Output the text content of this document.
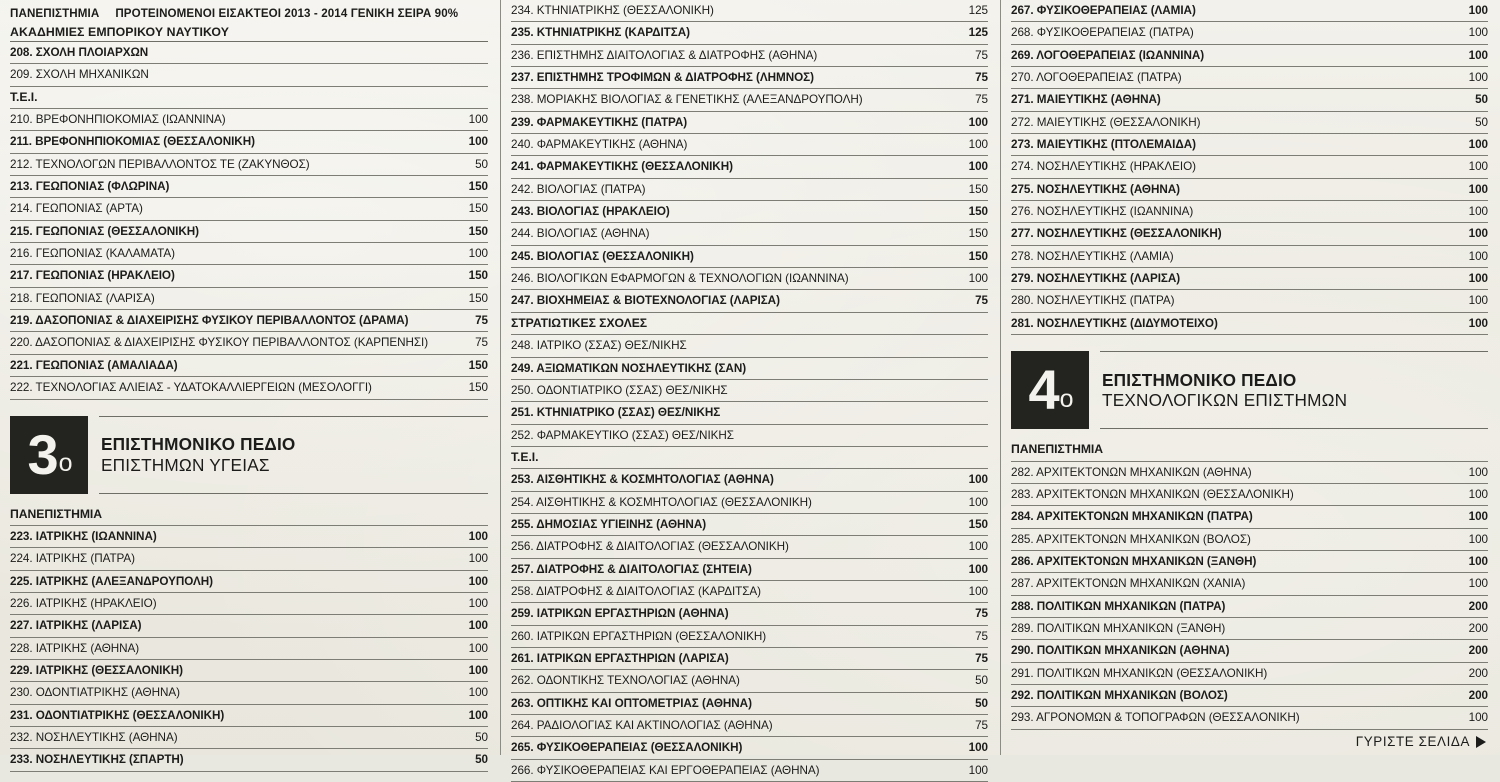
ΠΑΝΕΠΙΣΤΗΜΙΑ ΠΡΟΤΕΙΝΟΜΕΝΟΙ ΕΙΣΑΚΤΕΟΙ 2013 - 2014 ΓΕΝΙΚΗ ΣΕΙΡΑ 90%
ΑΚΑΔΗΜΙΕΣ ΕΜΠΟΡΙΚΟΥ ΝΑΥΤΙΚΟΥ
208. ΣΧΟΛΗ ΠΛΟΙΑΡΧΩΝ
209. ΣΧΟΛΗ ΜΗΧΑΝΙΚΩΝ
Τ.Ε.Ι.
210. ΒΡΕΦΟΝΗΠΙΟΚΟΜΙΑΣ (ΙΩΑΝΝΙΝΑ)	100
211. ΒΡΕΦΟΝΗΠΙΟΚΟΜΙΑΣ (ΘΕΣΣΑΛΟΝΙΚΗ)	100
212. ΤΕΧΝΟΛΟΓΩΝ ΠΕΡΙΒΑΛΛΟΝΤΟΣ ΤΕ (ΖΑΚΥΝΘΟΣ)	50
213. ΓΕΩΠΟΝΙΑΣ (ΦΛΩΡΙΝΑ)	150
214. ΓΕΩΠΟΝΙΑΣ (ΑΡΤΑ)	150
215. ΓΕΩΠΟΝΙΑΣ (ΘΕΣΣΑΛΟΝΙΚΗ)	150
216. ΓΕΩΠΟΝΙΑΣ (ΚΑΛΑΜΑΤΑ)	100
217. ΓΕΩΠΟΝΙΑΣ (ΗΡΑΚΛΕΙΟ)	150
218. ΓΕΩΠΟΝΙΑΣ (ΛΑΡΙΣΑ)	150
219. ΔΑΣΟΠΟΝΙΑΣ & ΔΙΑΧΕΙΡΙΣΗΣ ΦΥΣΙΚΟΥ ΠΕΡΙΒΑΛΛΟΝΤΟΣ (ΔΡΑΜΑ)	75
220. ΔΑΣΟΠΟΝΙΑΣ & ΔΙΑΧΕΙΡΙΣΗΣ ΦΥΣΙΚΟΥ ΠΕΡΙΒΑΛΛΟΝΤΟΣ (ΚΑΡΠΕΝΗΣΙ)	75
221. ΓΕΩΠΟΝΙΑΣ (ΑΜΑΛΙΑΔΑ)	150
222. ΤΕΧΝΟΛΟΓΙΑΣ ΑΛΙΕΙΑΣ - ΥΔΑΤΟΚΑΛΛΙΕΡΓΕΙΩΝ (ΜΕΣΟΛΟΓΓΙ)	150
3 o
ΕΠΙΣΤΗΜΟΝΙΚΟ ΠΕΔΙΟ
ΕΠΙΣΤΗΜΩΝ ΥΓΕΙΑΣ
ΠΑΝΕΠΙΣΤΗΜΙΑ
223. ΙΑΤΡΙΚΗΣ (ΙΩΑΝΝΙΝΑ)	100
224. ΙΑΤΡΙΚΗΣ (ΠΑΤΡΑ)	100
225. ΙΑΤΡΙΚΗΣ (ΑΛΕΞΑΝΔΡΟΥΠΟΛΗ)	100
226. ΙΑΤΡΙΚΗΣ (ΗΡΑΚΛΕΙΟ)	100
227. ΙΑΤΡΙΚΗΣ (ΛΑΡΙΣΑ)	100
228. ΙΑΤΡΙΚΗΣ (ΑΘΗΝΑ)	100
229. ΙΑΤΡΙΚΗΣ (ΘΕΣΣΑΛΟΝΙΚΗ)	100
230. ΟΔΟΝΤΙΑΤΡΙΚΗΣ (ΑΘΗΝΑ)	100
231. ΟΔΟΝΤΙΑΤΡΙΚΗΣ (ΘΕΣΣΑΛΟΝΙΚΗ)	100
232. ΝΟΣΗΛΕΥΤΙΚΗΣ (ΑΘΗΝΑ)	50
233. ΝΟΣΗΛΕΥΤΙΚΗΣ (ΣΠΑΡΤΗ)	50
234. ΚΤΗΝΙΑΤΡΙΚΗΣ (ΘΕΣΣΑΛΟΝΙΚΗ)	125
235. ΚΤΗΝΙΑΤΡΙΚΗΣ (ΚΑΡΔΙΤΣΑ)	125
236. ΕΠΙΣΤΗΜΗΣ ΔΙΑΙΤΟΛΟΓΙΑΣ & ΔΙΑΤΡΟΦΗΣ (ΑΘΗΝΑ)	75
237. ΕΠΙΣΤΗΜΗΣ ΤΡΟΦΙΜΩΝ & ΔΙΑΤΡΟΦΗΣ (ΛΗΜΝΟΣ)	75
238. ΜΟΡΙΑΚΗΣ ΒΙΟΛΟΓΙΑΣ & ΓΕΝΕΤΙΚΗΣ (ΑΛΕΞΑΝΔΡΟΥΠΟΛΗ)	75
239. ΦΑΡΜΑΚΕΥΤΙΚΗΣ (ΠΑΤΡΑ)	100
240. ΦΑΡΜΑΚΕΥΤΙΚΗΣ (ΑΘΗΝΑ)	100
241. ΦΑΡΜΑΚΕΥΤΙΚΗΣ (ΘΕΣΣΑΛΟΝΙΚΗ)	100
242. ΒΙΟΛΟΓΙΑΣ (ΠΑΤΡΑ)	150
243. ΒΙΟΛΟΓΙΑΣ (ΗΡΑΚΛΕΙΟ)	150
244. ΒΙΟΛΟΓΙΑΣ (ΑΘΗΝΑ)	150
245. ΒΙΟΛΟΓΙΑΣ (ΘΕΣΣΑΛΟΝΙΚΗ)	150
246. ΒΙΟΛΟΓΙΚΩΝ ΕΦΑΡΜΟΓΩΝ & ΤΕΧΝΟΛΟΓΙΩΝ (ΙΩΑΝΝΙΝΑ)	100
247. ΒΙΟΧΗΜΕΙΑΣ & ΒΙΟΤΕΧΝΟΛΟΓΙΑΣ (ΛΑΡΙΣΑ)	75
ΣΤΡΑΤΙΩΤΙΚΕΣ ΣΧΟΛΕΣ
248. ΙΑΤΡΙΚΟ (ΣΣΑΣ) ΘΕΣ/ΝΙΚΗΣ
249. ΑΞΙΩΜΑΤΙΚΩΝ ΝΟΣΗΛΕΥΤΙΚΗΣ (ΣΑΝ)
250. ΟΔΟΝΤΙΑΤΡΙΚΟ (ΣΣΑΣ) ΘΕΣ/ΝΙΚΗΣ
251. ΚΤΗΝΙΑΤΡΙΚΟ (ΣΣΑΣ) ΘΕΣ/ΝΙΚΗΣ
252. ΦΑΡΜΑΚΕΥΤΙΚΟ (ΣΣΑΣ) ΘΕΣ/ΝΙΚΗΣ
Τ.Ε.Ι.
253. ΑΙΣΘΗΤΙΚΗΣ & ΚΟΣΜΗΤΟΛΟΓΙΑΣ (ΑΘΗΝΑ)	100
254. ΑΙΣΘΗΤΙΚΗΣ & ΚΟΣΜΗΤΟΛΟΓΙΑΣ (ΘΕΣΣΑΛΟΝΙΚΗ)	100
255. ΔΗΜΟΣΙΑΣ ΥΓΙΕΙΝΗΣ (ΑΘΗΝΑ)	150
256. ΔΙΑΤΡΟΦΗΣ & ΔΙΑΙΤΟΛΟΓΙΑΣ (ΘΕΣΣΑΛΟΝΙΚΗ)	100
257. ΔΙΑΤΡΟΦΗΣ & ΔΙΑΙΤΟΛΟΓΙΑΣ (ΣΗΤΕΙΑ)	100
258. ΔΙΑΤΡΟΦΗΣ & ΔΙΑΙΤΟΛΟΓΙΑΣ (ΚΑΡΔΙΤΣΑ)	100
259. ΙΑΤΡΙΚΩΝ ΕΡΓΑΣΤΗΡΙΩΝ (ΑΘΗΝΑ)	75
260. ΙΑΤΡΙΚΩΝ ΕΡΓΑΣΤΗΡΙΩΝ (ΘΕΣΣΑΛΟΝΙΚΗ)	75
261. ΙΑΤΡΙΚΩΝ ΕΡΓΑΣΤΗΡΙΩΝ (ΛΑΡΙΣΑ)	75
262. ΟΔΟΝΤΙΚΗΣ ΤΕΧΝΟΛΟΓΙΑΣ (ΑΘΗΝΑ)	50
263. ΟΠΤΙΚΗΣ ΚΑΙ ΟΠΤΟΜΕΤΡΙΑΣ (ΑΘΗΝΑ)	50
264. ΡΑΔΙΟΛΟΓΙΑΣ ΚΑΙ ΑΚΤΙΝΟΛΟΓΙΑΣ (ΑΘΗΝΑ)	75
265. ΦΥΣΙΚΟΘΕΡΑΠΕΙΑΣ (ΘΕΣΣΑΛΟΝΙΚΗ)	100
266. ΦΥΣΙΚΟΘΕΡΑΠΕΙΑΣ ΚΑΙ ΕΡΓΟΘΕΡΑΠΕΙΑΣ (ΑΘΗΝΑ)	100
267. ΦΥΣΙΚΟΘΕΡΑΠΕΙΑΣ (ΛΑΜΙΑ)	100
268. ΦΥΣΙΚΟΘΕΡΑΠΕΙΑΣ (ΠΑΤΡΑ)	100
269. ΛΟΓΟΘΕΡΑΠΕΙΑΣ (ΙΩΑΝΝΙΝΑ)	100
270. ΛΟΓΟΘΕΡΑΠΕΙΑΣ (ΠΑΤΡΑ)	100
271. ΜΑΙΕΥΤΙΚΗΣ (ΑΘΗΝΑ)	50
272. ΜΑΙΕΥΤΙΚΗΣ (ΘΕΣΣΑΛΟΝΙΚΗ)	50
273. ΜΑΙΕΥΤΙΚΗΣ (ΠΤΟΛΕΜΑΙΔΑ)	100
274. ΝΟΣΗΛΕΥΤΙΚΗΣ (ΗΡΑΚΛΕΙΟ)	100
275. ΝΟΣΗΛΕΥΤΙΚΗΣ (ΑΘΗΝΑ)	100
276. ΝΟΣΗΛΕΥΤΙΚΗΣ (ΙΩΑΝΝΙΝΑ)	100
277. ΝΟΣΗΛΕΥΤΙΚΗΣ (ΘΕΣΣΑΛΟΝΙΚΗ)	100
278. ΝΟΣΗΛΕΥΤΙΚΗΣ (ΛΑΜΙΑ)	100
279. ΝΟΣΗΛΕΥΤΙΚΗΣ (ΛΑΡΙΣΑ)	100
280. ΝΟΣΗΛΕΥΤΙΚΗΣ (ΠΑΤΡΑ)	100
281. ΝΟΣΗΛΕΥΤΙΚΗΣ (ΔΙΔΥΜΟΤΕΙΧΟ)	100
4 o
ΕΠΙΣΤΗΜΟΝΙΚΟ ΠΕΔΙΟ
ΤΕΧΝΟΛΟΓΙΚΩΝ ΕΠΙΣΤΗΜΩΝ
ΠΑΝΕΠΙΣΤΗΜΙΑ
282. ΑΡΧΙΤΕΚΤΟΝΩΝ ΜΗΧΑΝΙΚΩΝ (ΑΘΗΝΑ)	100
283. ΑΡΧΙΤΕΚΤΟΝΩΝ ΜΗΧΑΝΙΚΩΝ (ΘΕΣΣΑΛΟΝΙΚΗ)	100
284. ΑΡΧΙΤΕΚΤΟΝΩΝ ΜΗΧΑΝΙΚΩΝ (ΠΑΤΡΑ)	100
285. ΑΡΧΙΤΕΚΤΟΝΩΝ ΜΗΧΑΝΙΚΩΝ (ΒΟΛΟΣ)	100
286. ΑΡΧΙΤΕΚΤΟΝΩΝ ΜΗΧΑΝΙΚΩΝ (ΞΑΝΘΗ)	100
287. ΑΡΧΙΤΕΚΤΟΝΩΝ ΜΗΧΑΝΙΚΩΝ (ΧΑΝΙΑ)	100
288. ΠΟΛΙΤΙΚΩΝ ΜΗΧΑΝΙΚΩΝ (ΠΑΤΡΑ)	200
289. ΠΟΛΙΤΙΚΩΝ ΜΗΧΑΝΙΚΩΝ (ΞΑΝΘΗ)	200
290. ΠΟΛΙΤΙΚΩΝ ΜΗΧΑΝΙΚΩΝ (ΑΘΗΝΑ)	200
291. ΠΟΛΙΤΙΚΩΝ ΜΗΧΑΝΙΚΩΝ (ΘΕΣΣΑΛΟΝΙΚΗ)	200
292. ΠΟΛΙΤΙΚΩΝ ΜΗΧΑΝΙΚΩΝ (ΒΟΛΟΣ)	200
293. ΑΓΡΟΝΟΜΩΝ & ΤΟΠΟΓΡΑΦΩΝ (ΘΕΣΣΑΛΟΝΙΚΗ)	100
ΓΥΡΙΣΤΕ ΣΕΛΙΔΑ
